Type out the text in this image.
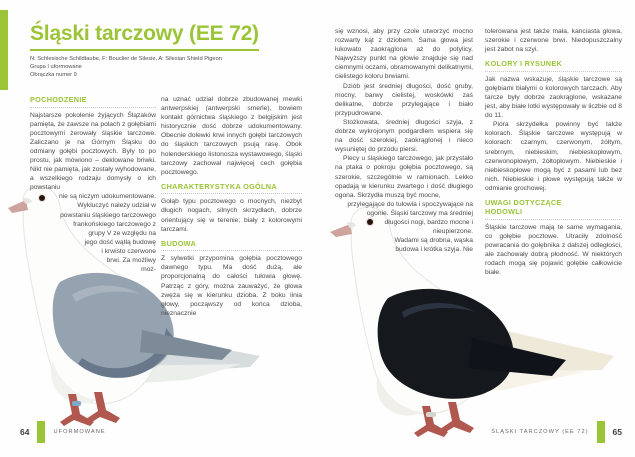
Śląski tarczowy (EE 72)
N: Schlesische Schildtaube, F: Bouclier de Silesie, A: Silesian Shield Pigeon
Grupa I uformowane
Obrączka numer 9
POCHODZENIE

Najstarsze pokolenie żyjących Ślązaków pamięta, że zawsze na polach z gołębiami pocztowymi żerowały śląskie tarczowe. Zaliczano je na Górnym Śląsku do odmiany gołębi pocztowych. Były to po prostu, jak mówiono – deklowane briwki. Nikt nie pamięta, jak zostały wyhodowane, a wszelkiego rodzaju domysły o ich powstaniu

nie są niczym udokumentowane. Wykluczyć należy udział w powstaniu śląskiego tarczowego frankońskiego tarczowego z grupy V ze względu na jego dość wątłą budowę i krwisto czerwone brwi. Za możliwy moż-

na uznać udział dobrze zbudowanej mewki antwerpskiej (antwerpski smerle), bowiem kontakt górnictwa śląskiego z belgijskim jest historycznie dość dobrze udokumentowany. Obecnie dolewki krwi innych gołębi tarczowych do śląskich tarczowych psują rasę. Obok holenderskiego listonosza wystawowego, śląski tarczowy zachował najwięcej cech gołębia pocztowego.

CHARAKTERYSTYKA OGÓLNA

Gołąb typu pocztowego o mocnych, niezbyt długich nogach, silnych skrzydłach, dobrze orientujący się w terenie; biały z kolorowymi tarczami.

BUDOWA

Z sylwetki przypomina gołębia pocztowego dawnego typu. Ma dość dużą, ale proporcjonalną do całości tułowia głowę. Patrząc z góry, można zauważyć, że głowa zwęża się w kierunku dzioba. Z boku linia głowy, począwszy od końca dzioba, nieznacznie

się wznosi, aby przy czole utworzyć mocno rozwarty kąt z dziobem. Sama głowa jest łukowato zaokrąglona aż do potylicy. Najwyższy punkt na głowie znajduje się nad ciemnymi oczami, obramowanymi delikatnymi, cielistego koloru brwiami.

Dziób jest średniej długości, dość gruby, mocny, barwy cielistej, woskówki zaś delikatne, dobrze przylegające i biało przypudrowane.

Stożkowata, średniej długości szyja, z dobrze wykrojonym podgardlem wspiera się na dość szerokiej, zaokrąglonej i nieco wysuniętej do przodu piersi.

Plecy u śląskiego tarczowego, jak przystało na ptaka o pokroju gołębia pocztowego, są szerokie, szczególnie w ramionach. Lekko opadają w kierunku zwartego i dość długiego ogona. Skrzydła muszą być mocne,

przylegające do tułowia i spoczywające na ogonie. Śląski tarczowy ma średniej długości nogi, bardzo mocne i nieupierzone.

Wadami są drobna, wąska budowa i krótka szyja. Nie

tolerowana jest także mała, kanciasta głowa, szerokie i czerwone brwi. Niedopuszczalny jest żabot na szyi.

KOLORY I RYSUNEK

Jak nazwa wskazuje, śląskie tarczowe są gołębiami białymi o kolorowych tarczach. Aby tarcze były dobrze zaokrąglone, wskazane jest, aby białe lotki występowały w liczbie od 8 do 11.

Pióra skrzydełka powinny być także kolorach. Śląskie tarczowe występują w kolorach: czarnym, czerwonym, żółtym, srebrnym, niebieskim, niebieskopłowym, czerwonopłowym, żółtopłowym. Niebieskie i niebieskopłowe mogą być z pasami lub bez nich. Niebieskie i płowe występują także w odmianie grochowej.

UWAGI DOTYCZĄCE HODOWLI

Śląskie tarczowe mają te same wymagania, co gołębie pocztowe. Utraciły zdolność powracania do gołębnika z dalszej odległości, ale zachowały dobrą płodność. W niektórych rodach mogą się pojawić gołębie całkowicie białe.

64	UFORMOWANE	ŚLĄSKI TARCZOWY (EE 72)	65
